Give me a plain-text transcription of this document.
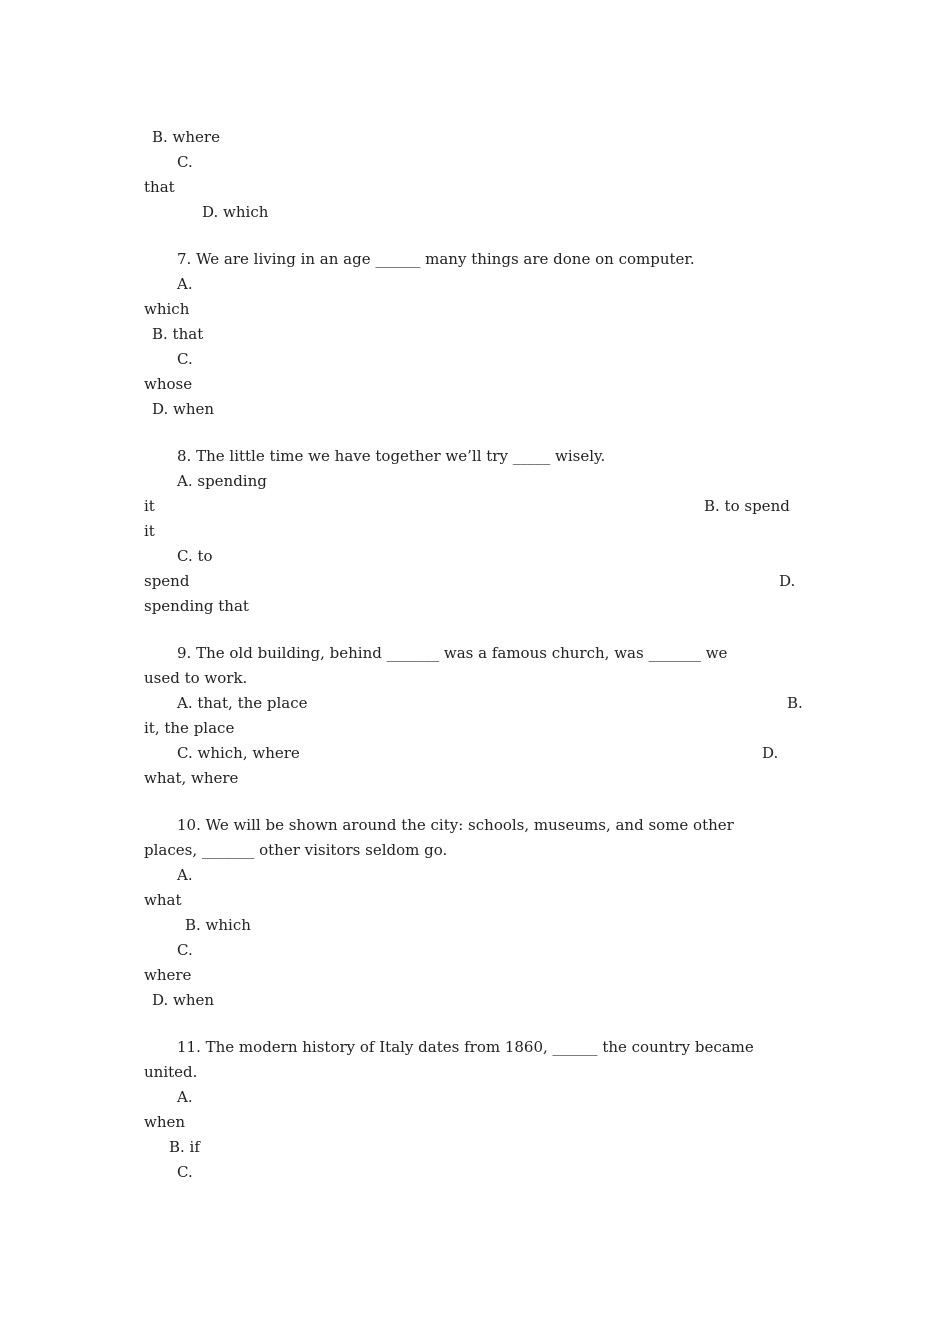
B. where

C.

that

D. which

7. We are living in an age ______ many things are done on computer.

A.

which

B. that

C.

whose

D. when

8. The little time we have together we’ll try _____ wisely.

A. spending

it	B. to spend

it

C. to

spend	D.

spending that

9. The old building, behind _______ was a famous church, was _______ we

used to work.

A. that, the place	B.

it, the place

C. which, where	D.

what, where

10. We will be shown around the city: schools, museums, and some other

places, _______ other visitors seldom go.

A.

what

B. which

C.

where

D. when

11. The modern history of Italy dates from 1860, ______ the country became

united.

A.

when

B. if

C.
